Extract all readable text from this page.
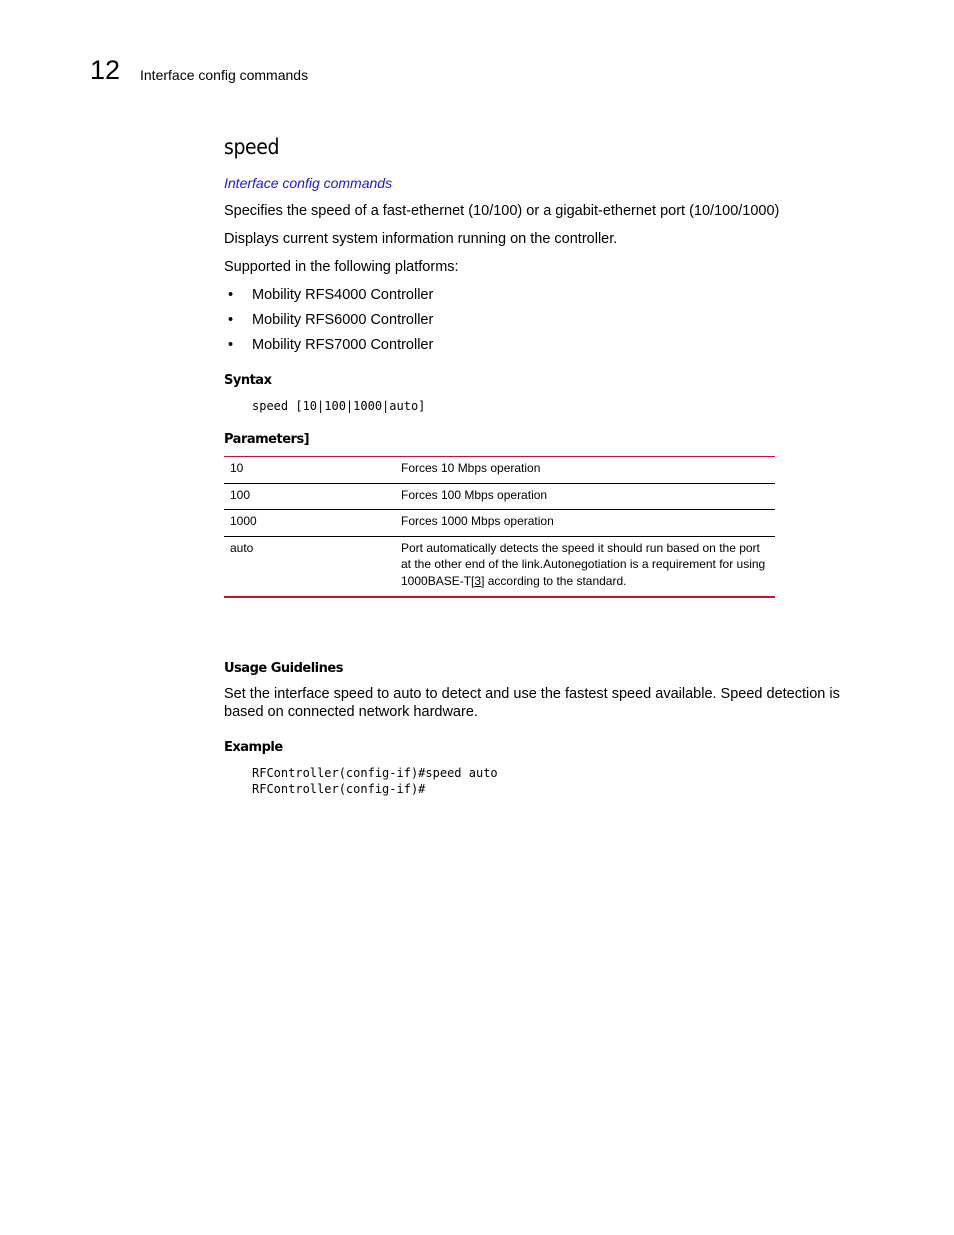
12 Interface config commands
speed
Interface config commands
Specifies the speed of a fast-ethernet (10/100) or a gigabit-ethernet port (10/100/1000)
Displays current system information running on the controller.
Supported in the following platforms:
• Mobility RFS4000 Controller
• Mobility RFS6000 Controller
• Mobility RFS7000 Controller
Syntax
speed [10|100|1000|auto]
Parameters]
10	Forces 10 Mbps operation
100	Forces 100 Mbps operation
1000	Forces 1000 Mbps operation
auto	Port automatically detects the speed it should run based on the port at the other end of the link.Autonegotiation is a requirement for using 1000BASE-T[3] according to the standard.
Usage Guidelines
Set the interface speed to auto to detect and use the fastest speed available. Speed detection is based on connected network hardware.
Example
RFController(config-if)#speed auto
RFController(config-if)#
